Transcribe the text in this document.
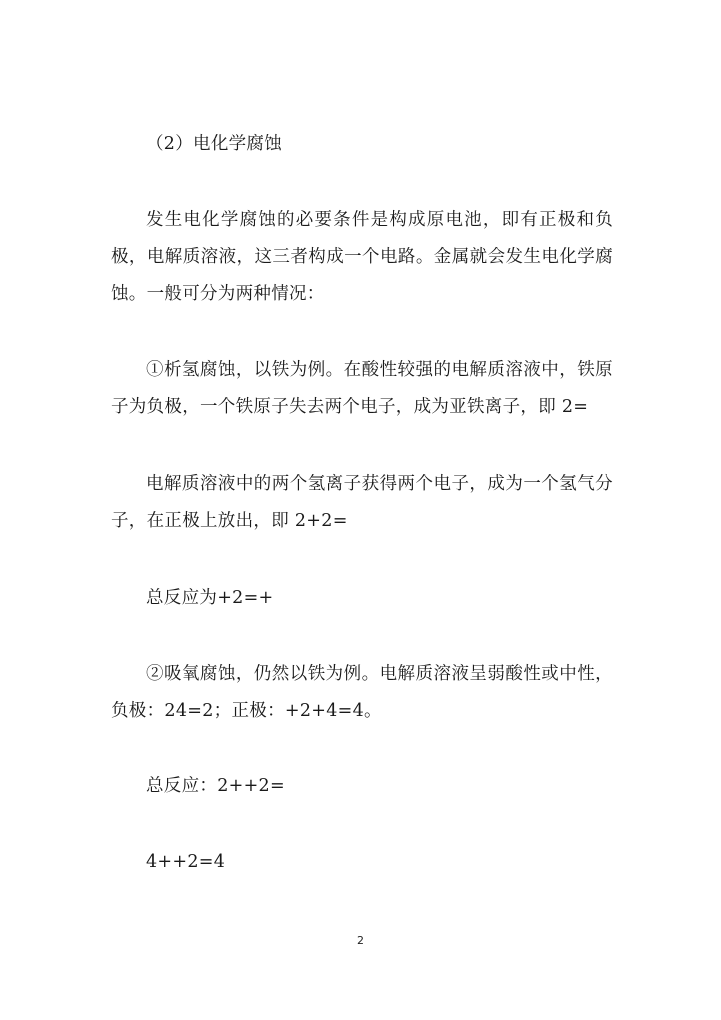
（2）电化学腐蚀

发生电化学腐蚀的必要条件是构成原电池，即有正极和负极，电解质溶液，这三者构成一个电路。金属就会发生电化学腐蚀。一般可分为两种情况：

①析氢腐蚀，以铁为例。在酸性较强的电解质溶液中，铁原子为负极，一个铁原子失去两个电子，成为亚铁离子，即 2=

电解质溶液中的两个氢离子获得两个电子，成为一个氢气分子，在正极上放出，即 2+2=

总反应为+2=+

②吸氧腐蚀，仍然以铁为例。电解质溶液呈弱酸性或中性，负极：24=2；正极：+2+4=4。

总反应：2++2=

4++2=4

2
